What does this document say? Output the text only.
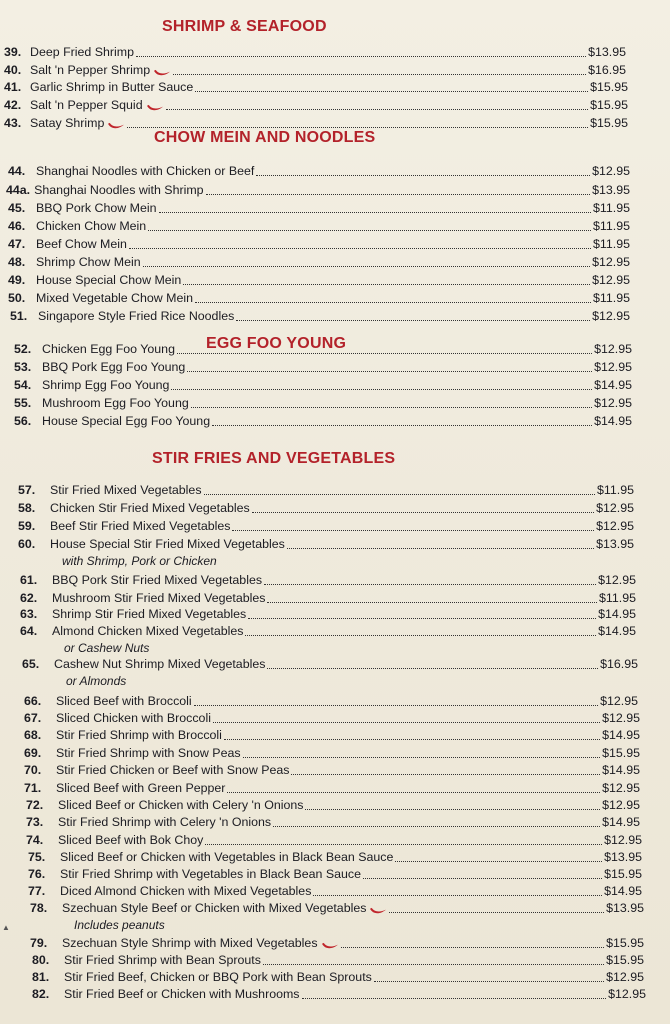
SHRIMP & SEAFOOD
39. Deep Fried Shrimp	$13.95
40. Salt 'n Pepper Shrimp	$16.95
41. Garlic Shrimp in Butter Sauce	$15.95
42. Salt 'n Pepper Squid	$15.95
43. Satay Shrimp	$15.95
CHOW MEIN AND NOODLES
44. Shanghai Noodles with Chicken or Beef	$12.95
44a. Shanghai Noodles with Shrimp	$13.95
45. BBQ Pork Chow Mein	$11.95
46. Chicken Chow Mein	$11.95
47. Beef Chow Mein	$11.95
48. Shrimp Chow Mein	$12.95
49. House Special Chow Mein	$12.95
50. Mixed Vegetable Chow Mein	$11.95
51. Singapore Style Fried Rice Noodles	$12.95
EGG FOO YOUNG
52. Chicken Egg Foo Young	$12.95
53. BBQ Pork Egg Foo Young	$12.95
54. Shrimp Egg Foo Young	$14.95
55. Mushroom Egg Foo Young	$12.95
56. House Special Egg Foo Young	$14.95
STIR FRIES AND VEGETABLES
57.	Stir Fried Mixed Vegetables	$11.95
58.	Chicken Stir Fried Mixed Vegetables	$12.95
59.	Beef Stir Fried Mixed Vegetables	$12.95
60.	House Special Stir Fried Mixed Vegetables	$13.95
with Shrimp, Pork or Chicken
61.	BBQ Pork Stir Fried Mixed Vegetables	$12.95
62.	Mushroom Stir Fried Mixed Vegetables	$11.95
63.	Shrimp Stir Fried Mixed Vegetables	$14.95
64.	Almond Chicken Mixed Vegetables	$14.95
or Cashew Nuts
65.	Cashew Nut Shrimp Mixed Vegetables	$16.95
or Almonds
66.	Sliced Beef with Broccoli	$12.95
67.	Sliced Chicken with Broccoli	$12.95
68.	Stir Fried Shrimp with Broccoli	$14.95
69.	Stir Fried Shrimp with Snow Peas	$15.95
70.	Stir Fried Chicken or Beef with Snow Peas	$14.95
71.	Sliced Beef with Green Pepper	$12.95
72.	Sliced Beef or Chicken with Celery 'n Onions	$12.95
73.	Stir Fried Shrimp with Celery 'n Onions	$14.95
74.	Sliced Beef with Bok Choy	$12.95
75.	Sliced Beef or Chicken with Vegetables in Black Bean Sauce	$13.95
76.	Stir Fried Shrimp with Vegetables in Black Bean Sauce	$15.95
77.	Diced Almond Chicken with Mixed Vegetables	$14.95
78.	Szechuan Style Beef or Chicken with Mixed Vegetables	$13.95
Includes peanuts
79.	Szechuan Style Shrimp with Mixed Vegetables	$15.95
80.	Stir Fried Shrimp with Bean Sprouts	$15.95
81.	Stir Fried Beef, Chicken or BBQ Pork with Bean Sprouts	$12.95
82.	Stir Fried Beef or Chicken with Mushrooms	$12.95
▲
